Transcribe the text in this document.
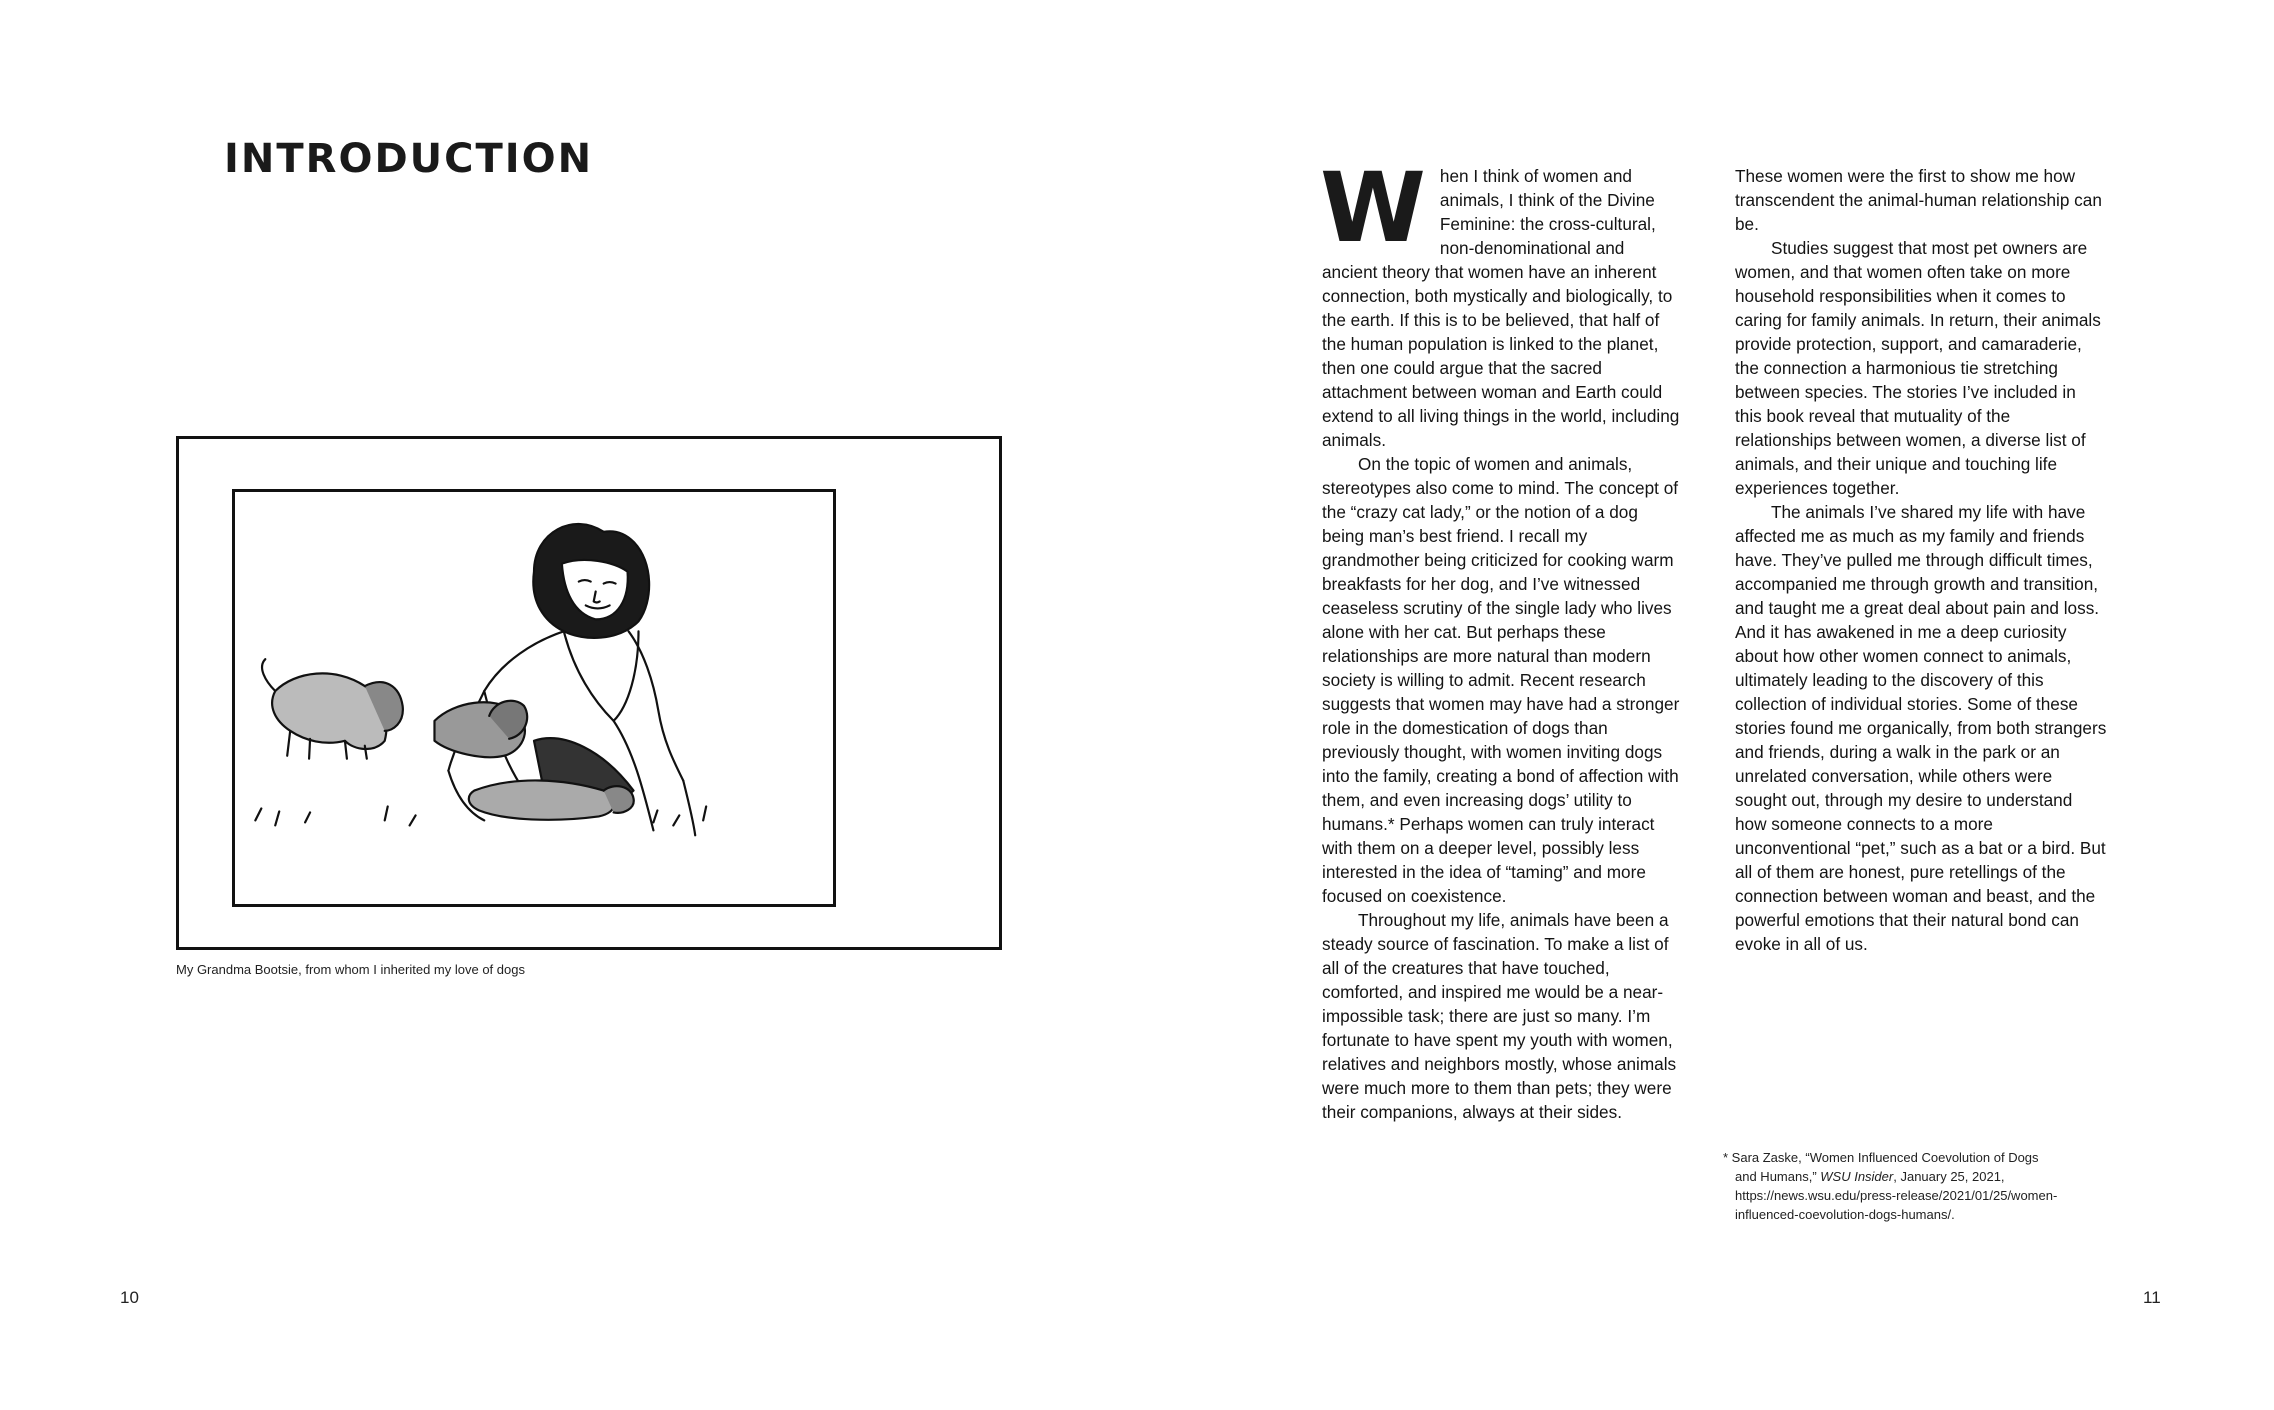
INTRODUCTION
My Grandma Bootsie, from whom I inherited my love of dogs
10

When I think of women and animals, I think of the Divine Feminine: the cross-cultural, non-denominational and ancient theory that women have an inherent connection, both mystically and biologically, to the earth. If this is to be believed, that half of the human population is linked to the planet, then one could argue that the sacred attachment between woman and Earth could extend to all living things in the world, including animals.

On the topic of women and animals, stereotypes also come to mind. The concept of the “crazy cat lady,” or the notion of a dog being man’s best friend. I recall my grandmother being criticized for cooking warm breakfasts for her dog, and I’ve witnessed ceaseless scrutiny of the single lady who lives alone with her cat. But perhaps these relationships are more natural than modern society is willing to admit. Recent research suggests that women may have had a stronger role in the domestication of dogs than previously thought, with women inviting dogs into the family, creating a bond of affection with them, and even increasing dogs’ utility to humans.* Perhaps women can truly interact with them on a deeper level, possibly less interested in the idea of “taming” and more focused on coexistence.

Throughout my life, animals have been a steady source of fascination. To make a list of all of the creatures that have touched, comforted, and inspired me would be a near-impossible task; there are just so many. I’m fortunate to have spent my youth with women, relatives and neighbors mostly, whose animals were much more to them than pets; they were their companions, always at their sides.

These women were the first to show me how transcendent the animal-human relationship can be.

Studies suggest that most pet owners are women, and that women often take on more household responsibilities when it comes to caring for family animals. In return, their animals provide protection, support, and camaraderie, the connection a harmonious tie stretching between species. The stories I’ve included in this book reveal that mutuality of the relationships between women, a diverse list of animals, and their unique and touching life experiences together.

The animals I’ve shared my life with have affected me as much as my family and friends have. They’ve pulled me through difficult times, accompanied me through growth and transition, and taught me a great deal about pain and loss. And it has awakened in me a deep curiosity about how other women connect to animals, ultimately leading to the discovery of this collection of individual stories. Some of these stories found me organically, from both strangers and friends, during a walk in the park or an unrelated conversation, while others were sought out, through my desire to understand how someone connects to a more unconventional “pet,” such as a bat or a bird. But all of them are honest, pure retellings of the connection between woman and beast, and the powerful emotions that their natural bond can evoke in all of us.

* Sara Zaske, “Women Influenced Coevolution of Dogs
and Humans,” WSU Insider, January 25, 2021,
https://news.wsu.edu/press-release/2021/01/25/women-
influenced-coevolution-dogs-humans/.
11
